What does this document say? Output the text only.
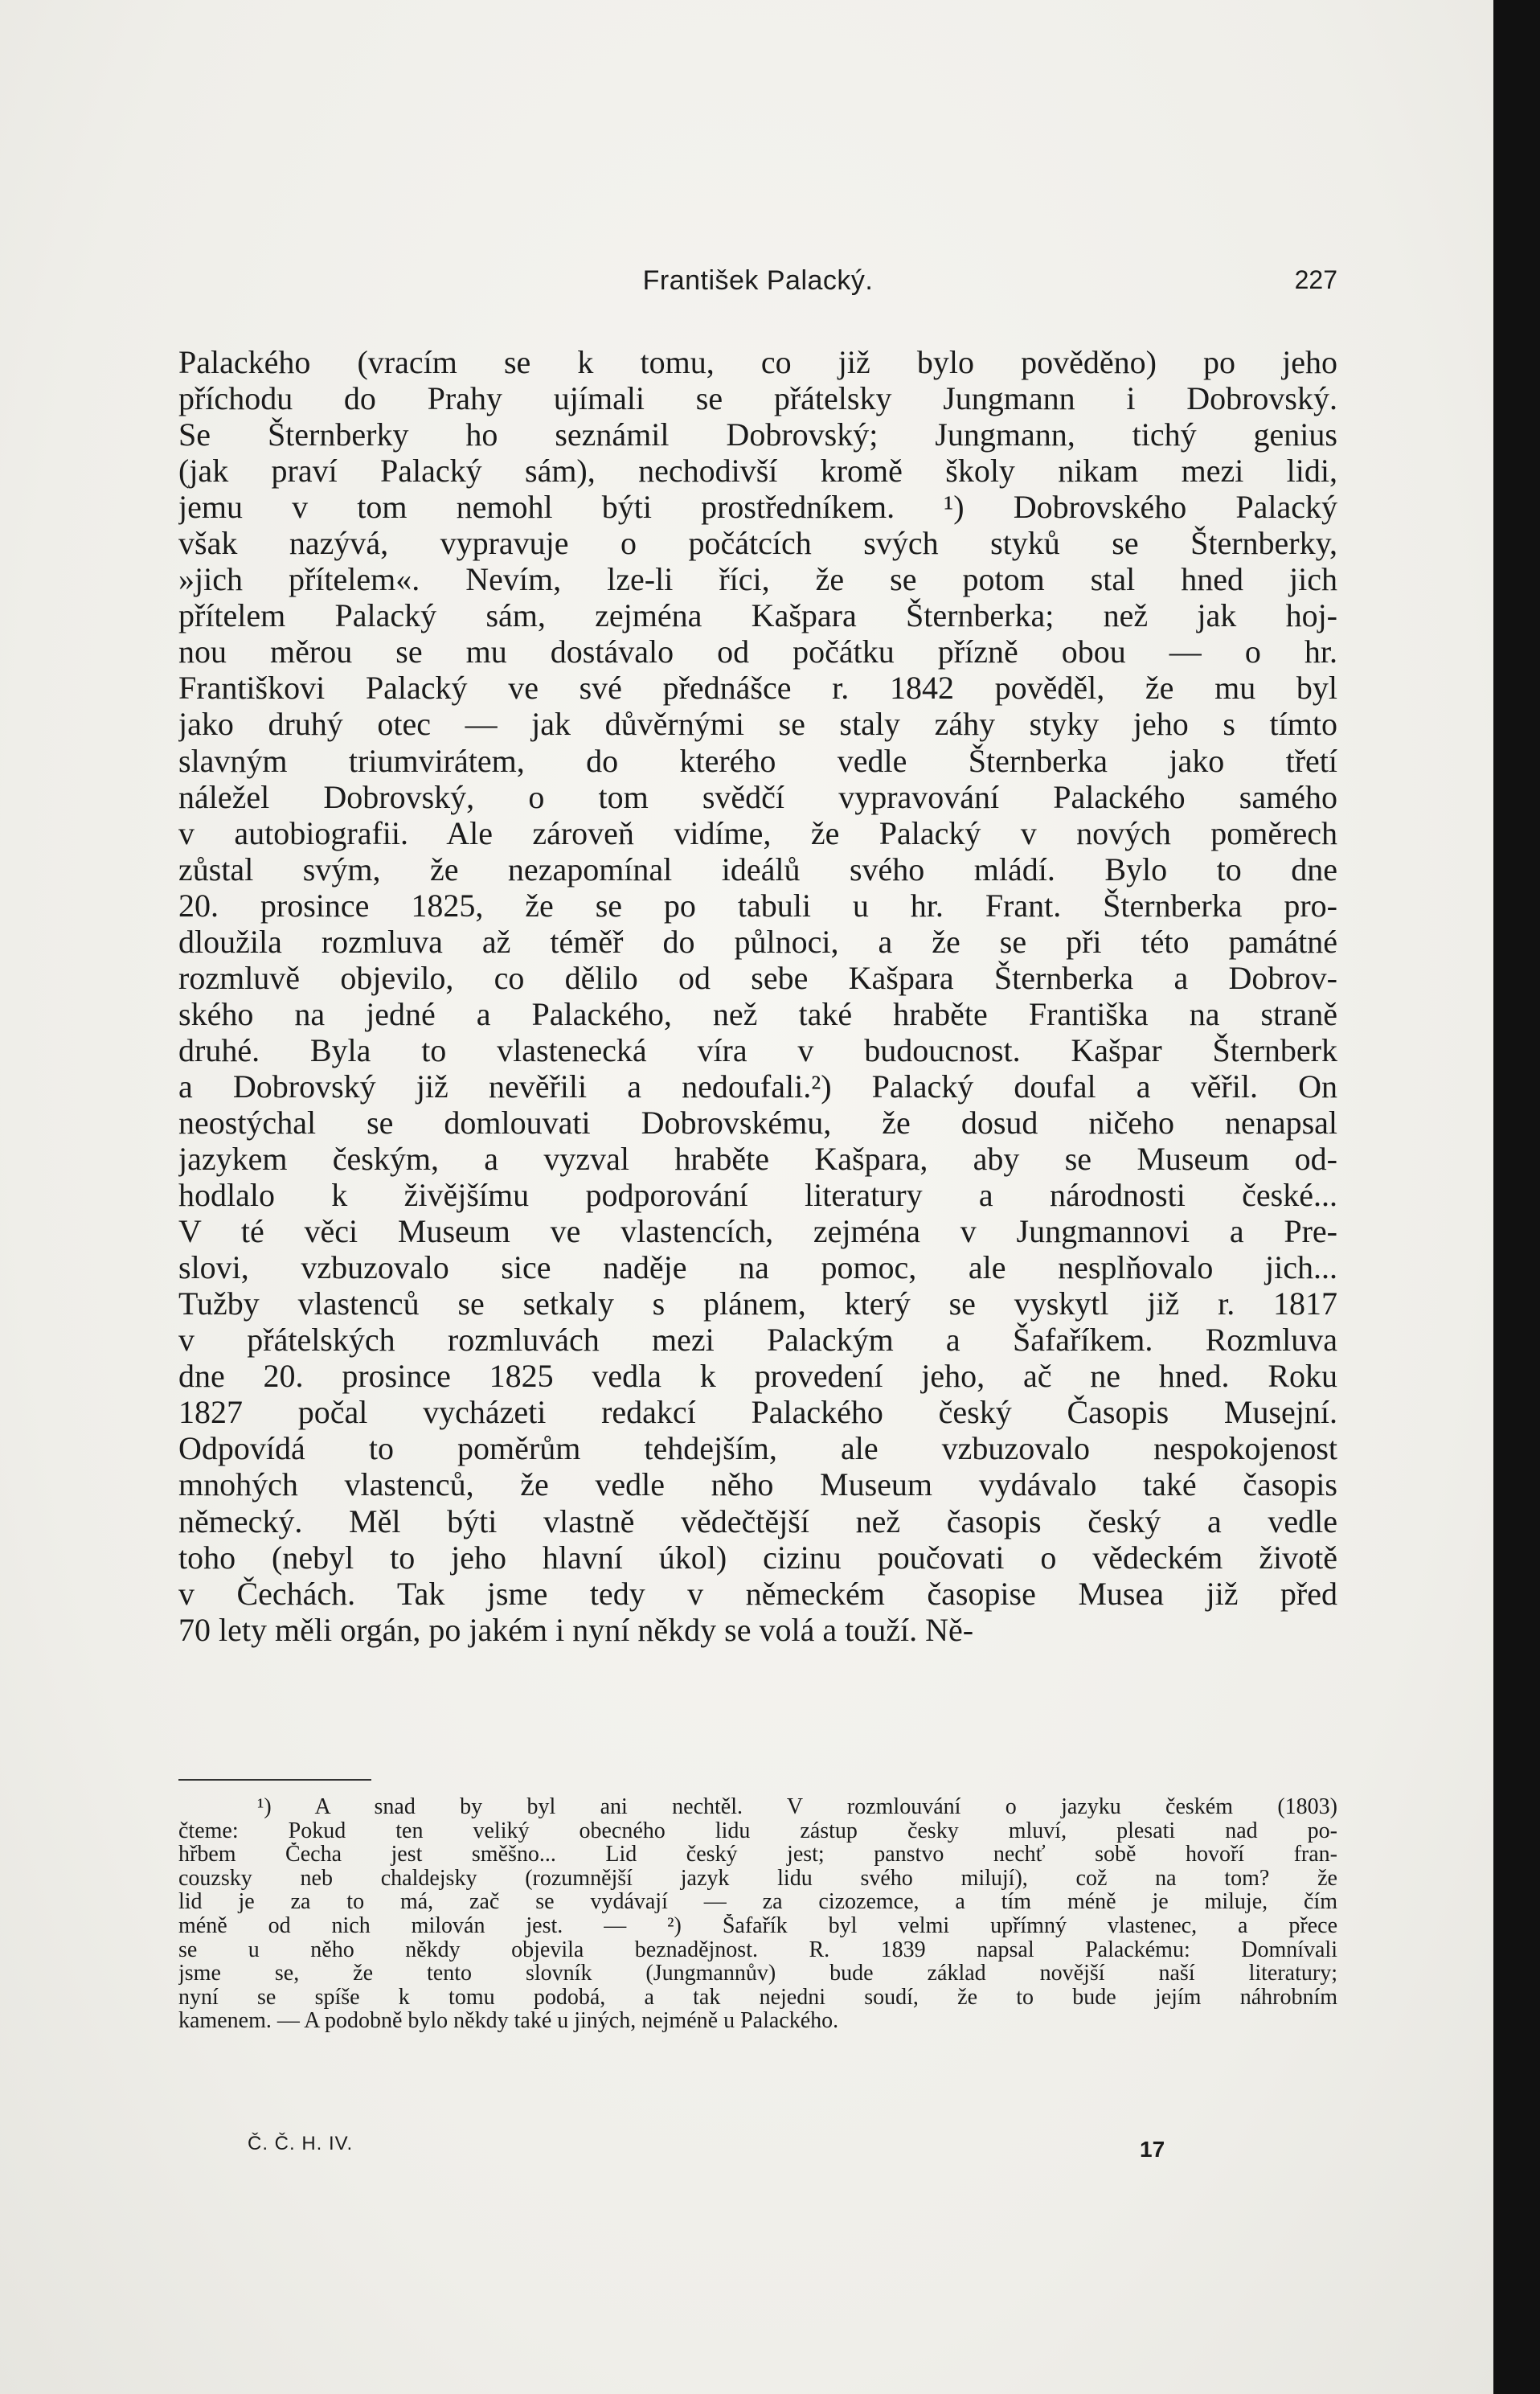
František Palacký.	227
Palackého (vracím se k tomu, co již bylo pověděno) po jeho
příchodu do Prahy ujímali se přátelsky Jungmann i Dobrovský.
Se Šternberky ho seznámil Dobrovský; Jungmann, tichý genius
(jak praví Palacký sám), nechodivší kromě školy nikam mezi lidi,
jemu v tom nemohl býti prostředníkem. ¹) Dobrovského Palacký
však nazývá, vypravuje o počátcích svých styků se Šternberky,
»jich přítelem«. Nevím, lze-li říci, že se potom stal hned jich
přítelem Palacký sám, zejména Kašpara Šternberka; než jak hoj-
nou měrou se mu dostávalo od počátku přízně obou — o hr.
Františkovi Palacký ve své přednášce r. 1842 pověděl, že mu byl
jako druhý otec — jak důvěrnými se staly záhy styky jeho s tímto
slavným triumvirátem, do kterého vedle Šternberka jako třetí
náležel Dobrovský, o tom svědčí vypravování Palackého samého
v autobiografii. Ale zároveň vidíme, že Palacký v nových poměrech
zůstal svým, že nezapomínal ideálů svého mládí. Bylo to dne
20. prosince 1825, že se po tabuli u hr. Frant. Šternberka pro-
dloužila rozmluva až téměř do půlnoci, a že se při této památné
rozmluvě objevilo, co dělilo od sebe Kašpara Šternberka a Dobrov-
ského na jedné a Palackého, než také hraběte Františka na straně
druhé. Byla to vlastenecká víra v budoucnost. Kašpar Šternberk
a Dobrovský již nevěřili a nedoufali.²) Palacký doufal a věřil. On
neostýchal se domlouvati Dobrovskému, že dosud ničeho nenapsal
jazykem českým, a vyzval hraběte Kašpara, aby se Museum od-
hodlalo k živějšímu podporování literatury a národnosti české...
V té věci Museum ve vlastencích, zejména v Jungmannovi a Pre-
slovi, vzbuzovalo sice naděje na pomoc, ale nesplňovalo jich...
Tužby vlastenců se setkaly s plánem, který se vyskytl již r. 1817
v přátelských rozmluvách mezi Palackým a Šafaříkem. Rozmluva
dne 20. prosince 1825 vedla k provedení jeho, ač ne hned. Roku
1827 počal vycházeti redakcí Palackého český Časopis Musejní.
Odpovídá to poměrům tehdejším, ale vzbuzovalo nespokojenost
mnohých vlastenců, že vedle něho Museum vydávalo také časopis
německý. Měl býti vlastně vědečtější než časopis český a vedle
toho (nebyl to jeho hlavní úkol) cizinu poučovati o vědeckém životě
v Čechách. Tak jsme tedy v německém časopise Musea již před
70 lety měli orgán, po jakém i nyní někdy se volá a touží. Ně-
¹) A snad by byl ani nechtěl. V rozmlouvání o jazyku českém (1803)
čteme: Pokud ten veliký obecného lidu zástup česky mluví, plesati nad po-
hřbem Čecha jest směšno... Lid český jest; panstvo nechť sobě hovoří fran-
couzsky neb chaldejsky (rozumnější jazyk lidu svého milují), což na tom? že
lid je za to má, zač se vydávají — za cizozemce, a tím méně je miluje, čím
méně od nich milován jest. — ²) Šafařík byl velmi upřímný vlastenec, a přece
se u něho někdy objevila beznadějnost. R. 1839 napsal Palackému: Domnívali
jsme se, že tento slovník (Jungmannův) bude základ novější naší literatury;
nyní se spíše k tomu podobá, a tak nejedni soudí, že to bude jejím náhrobním
kamenem. — A podobně bylo někdy také u jiných, nejméně u Palackého.
Č. Č. H. IV.	17
